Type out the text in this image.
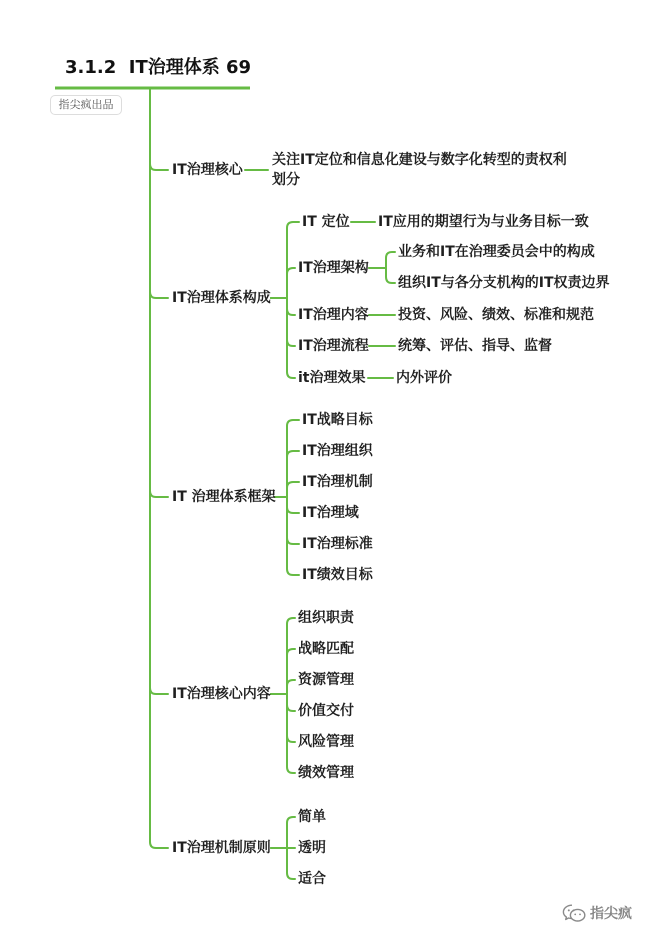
3.1.2  IT治理体系 69
指尖疯出品
IT治理核心
关注IT定位和信息化建设与数字化转型的责权利
划分
IT治理体系构成
IT 定位 IT应用的期望行为与业务目标一致
IT治理架构
业务和IT在治理委员会中的构成
组织IT与各分支机构的IT权责边界
IT治理内容 投资、风险、绩效、标准和规范
IT治理流程 统筹、评估、指导、监督
it治理效果 内外评价
IT 治理体系框架
IT战略目标
IT治理组织
IT治理机制
IT治理域
IT治理标准
IT绩效目标
IT治理核心内容
组织职责
战略匹配
资源管理
价值交付
风险管理
绩效管理
IT治理机制原则
简单
透明
适合
指尖疯
